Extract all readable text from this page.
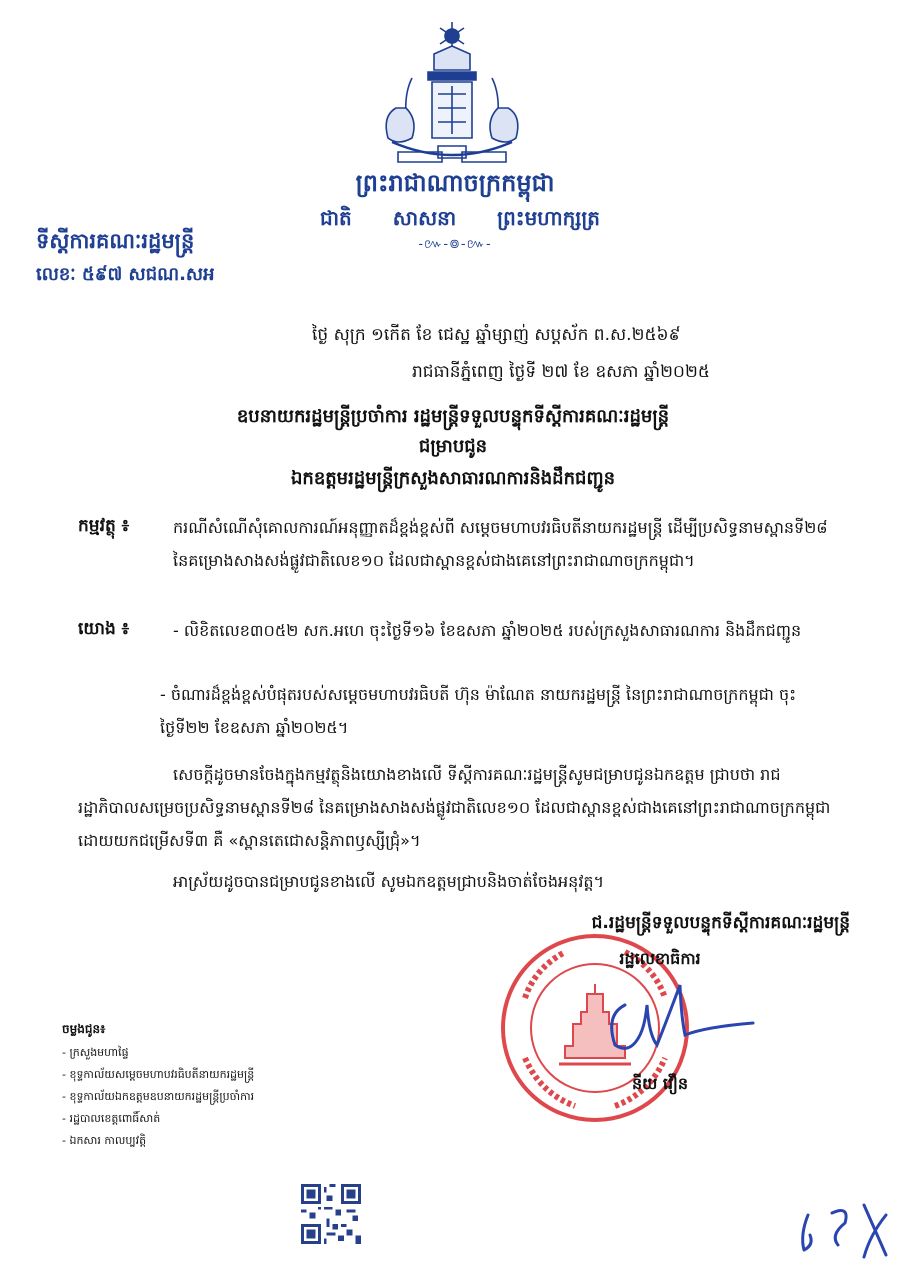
ព្រះរាជាណាចក្រកម្ពុជា
ជាតិ សាសនា ព្រះមហាក្សត្រ
-៚-៙-៚-
ទីស្តីការគណៈរដ្ឋមន្ត្រី
លេខៈ ៥៩៧ សជណ.សអ
ថ្ងៃ សុក្រ ១កើត ខែ ជេស្ឋ ឆ្នាំម្សាញ់ សប្តស័ក ព.ស.២៥៦៩
រាជធានីភ្នំពេញ ថ្ងៃទី ២៧ ខែ ឧសភា ឆ្នាំ២០២៥
ឧបនាយករដ្ឋមន្ត្រីប្រចាំការ រដ្ឋមន្ត្រីទទួលបន្ទុកទីស្តីការគណៈរដ្ឋមន្ត្រី
ជម្រាបជូន
ឯកឧត្តមរដ្ឋមន្ត្រីក្រសួងសាធារណការនិងដឹកជញ្ជូន
កម្មវត្ថុ ៖	ករណីសំណើសុំគោលការណ៍អនុញ្ញាតដ៏ខ្ពង់ខ្ពស់ពី សម្តេចមហាបវរធិបតីនាយករដ្ឋមន្ត្រី ដើម្បីប្រសិទ្ធនាមស្ពានទី២៨ នៃគម្រោងសាងសង់ផ្លូវជាតិលេខ១០ ដែលជាស្ពានខ្ពស់ជាងគេនៅព្រះរាជាណាចក្រកម្ពុជា។
យោង ៖	- លិខិតលេខ៣០៥២ សក.អហេ ចុះថ្ងៃទី១៦ ខែឧសភា ឆ្នាំ២០២៥ របស់ក្រសួងសាធារណការ និងដឹកជញ្ជូន
- ចំណារដ៏ខ្ពង់ខ្ពស់បំផុតរបស់សម្តេចមហាបវរធិបតី ហ៊ុន ម៉ាណែត នាយករដ្ឋមន្ត្រី នៃព្រះរាជាណាចក្រកម្ពុជា ចុះថ្ងៃទី២២ ខែឧសភា ឆ្នាំ២០២៥។
សេចក្តីដូចមានចែងក្នុងកម្មវត្ថុនិងយោងខាងលើ ទីស្តីការគណៈរដ្ឋមន្ត្រីសូមជម្រាបជូនឯកឧត្តម ជ្រាបថា រាជរដ្ឋាភិបាលសម្រេចប្រសិទ្ធនាមស្ពានទី២៨ នៃគម្រោងសាងសង់ផ្លូវជាតិលេខ១០ ដែលជាស្ពានខ្ពស់ជាងគេនៅព្រះរាជាណាចក្រកម្ពុជា ដោយយកជម្រើសទី៣ គឺ «ស្ពានតេជោសន្តិភាពឫស្សីជ្រុំ»។
អាស្រ័យដូចបានជម្រាបជូនខាងលើ សូមឯកឧត្តមជ្រាបនិងចាត់ចែងអនុវត្ត។
ជ.រដ្ឋមន្ត្រីទទួលបន្ទុកទីស្តីការគណៈរដ្ឋមន្ត្រី
រដ្ឋលេខាធិការ
នីយ វឿន
ចម្លងជូន៖
- ក្រសួងមហាផ្ទៃ
- ខុទ្ទកាល័យសម្តេចមហាបវរធិបតីនាយករដ្ឋមន្ត្រី
- ខុទ្ទកាល័យឯកឧត្តមឧបនាយករដ្ឋមន្ត្រីប្រចាំការ
- រដ្ឋបាលខេត្តពោធិ៍សាត់
- ឯកសារ កាលប្បវត្តិ
